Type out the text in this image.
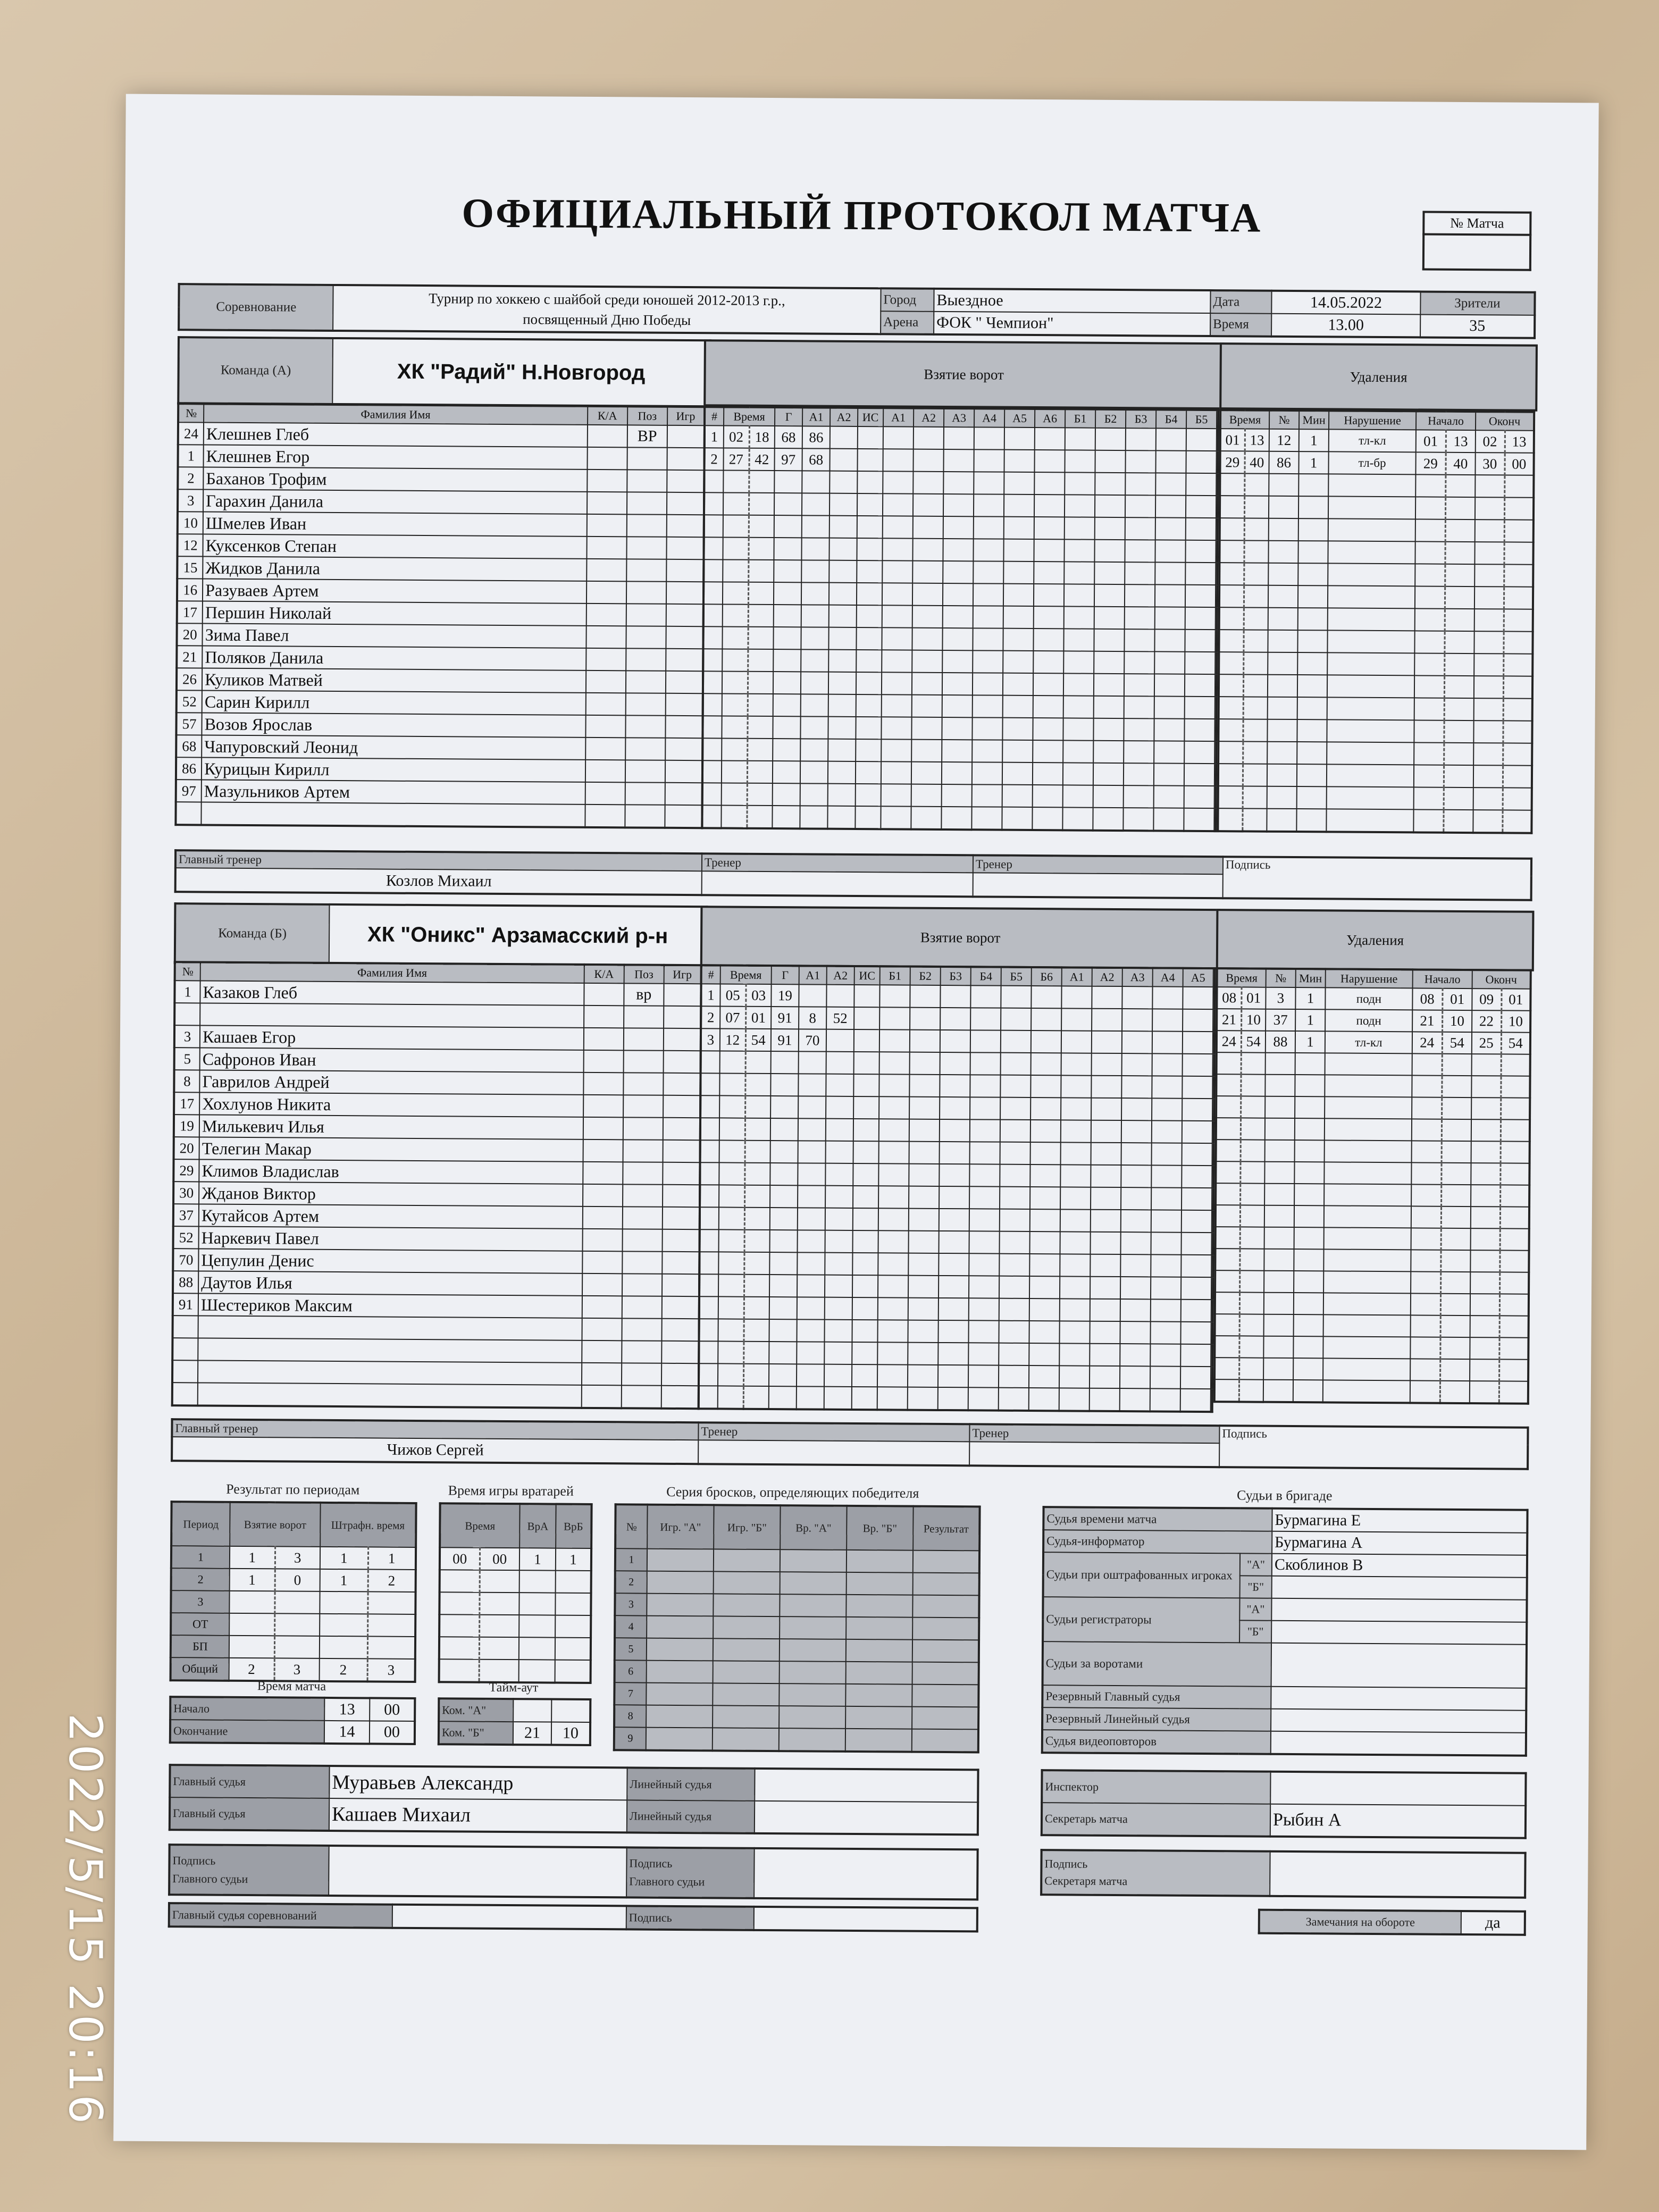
ОФИЦИАЛЬНЫЙ ПРОТОКОЛ МАТЧА	№ Матча

Соревнование	Турнир по хоккею с шайбой среди юношей 2012-2013 г.р.,
посвященный Дню Победы	Город	Выездное	Дата	14.05.2022	Зрители
		Арена	ФОК " Чемпион"	Время	13.00	35
Команда (А)	ХК "Радий" Н.Новгород	Взятие ворот	Удаления
№	Фамилия Имя	К/А	Поз	Игр
24	Клешнев Глеб		ВР	
1	Клешнев Егор			
2	Баханов Трофим			
3	Гарахин Данила			
10	Шмелев Иван			
12	Куксенков Степан			
15	Жидков Данила			
16	Разуваев Артем			
17	Першин Николай			
20	Зима Павел			
21	Поляков Данила			
26	Куликов Матвей			
52	Сарин Кирилл			
57	Возов Ярослав			
68	Чапуровский Леонид			
86	Курицын Кирилл			
97	Мазульников Артем			

#	Время		Г	А1	А2	ИС	А1	А2	А3	А4	А5	А6	Б1	Б2	Б3	Б4	Б5	
1	02	18	68	86														
2	27	42	97	68														

Время		№	Мин	Нарушение	Начало		Оконч	
01	13	12	1	тл-кл	01	13	02	13
29	40	86	1	тл-бр	29	40	30	00

Главный тренер	Тренер	Тренер	Подпись
Козлов Михаил			
Команда (Б)	ХК "Оникс" Арзамасский р-н	Взятие ворот	Удаления
№	Фамилия Имя	К/А	Поз	Игр
1	Казаков Глеб		вр	

3	Кашаев Егор			
5	Сафронов Иван			
8	Гаврилов Андрей			
17	Хохлунов Никита			
19	Милькевич Илья			
20	Телегин Макар			
29	Климов Владислав			
30	Жданов Виктор			
37	Кутайсов Артем			
52	Наркевич Павел			
70	Цепулин Денис			
88	Даутов Илья			
91	Шестериков Максим			

#	Время		Г	А1	А2	ИС	Б1	Б2	Б3	Б4	Б5	Б6	А1	А2	А3	А4	А5	
1	05	03	19															
2	07	01	91	8	52													
3	12	54	91	70														

Время		№	Мин	Нарушение	Начало		Оконч	
08	01	3	1	подн	08	01	09	01
21	10	37	1	подн	21	10	22	10
24	54	88	1	тл-кл	24	54	25	54

Главный тренер	Тренер	Тренер	Подпись
Чижов Сергей			
Результат по периодам
Период	Взятие ворот		Штрафн. время	
1	1	3	1	1
2	1	0	1	2
3				
ОТ				
БП				
Общий	2	3	2	3
Время игры вратарей
Время		ВрА	ВрБ
00	00	1	1

Время матча
Начало	13	00
Окончание	14	00
Тайм-аут
Ком. "А"		
Ком. "Б"	21	10
Серия бросков, определяющих победителя
№	Игр. "А"	Игр. "Б"	Вр. "А"	Вр. "Б"	Результат
1					
2					
3					
4					
5					
6					
7					
8					
9					
Судьи в бригаде
Судья времени матча		Бурмагина Е
Судья-информатор		Бурмагина А
Судьи при оштрафованных игроках	"А"	Скоблинов В
	"Б"	
Судьи регистраторы	"А"	
	"Б"	
Судьи за воротами		
Резервный Главный судья		
Резервный Линейный судья		
Судья видеоповторов		
Главный судья	Муравьев Александр	Линейный судья	
Главный судья	Кашаев Михаил	Линейный судья	
Подпись
Главного судьи

Подпись
Главного судьи

Главный судья соревнований		Подпись	
Инспектор	
Секретарь матча	Рыбин А
Подпись
Секретаря матча

Замечания на обороте	да
2022/5/15 20:16
